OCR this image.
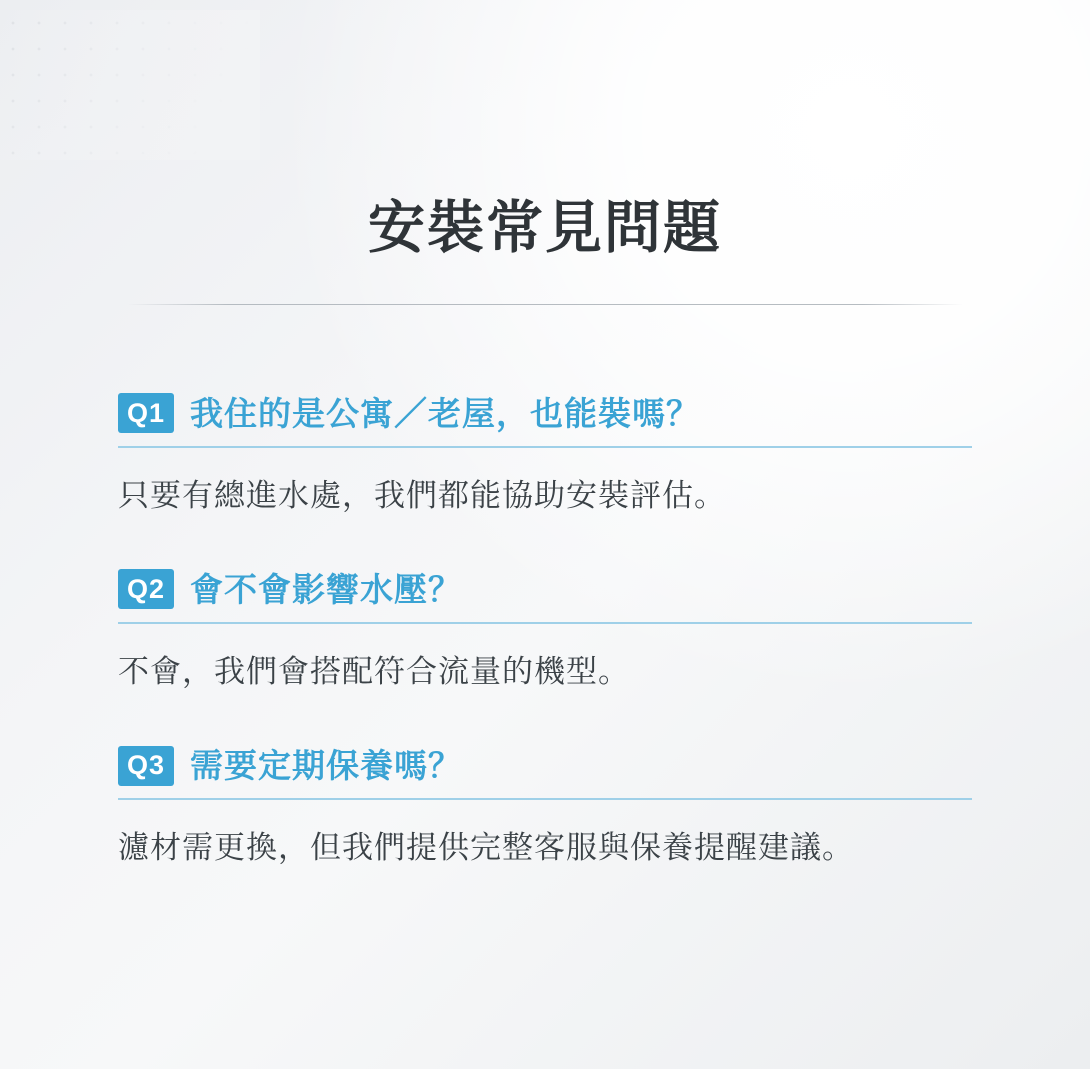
安裝常見問題
Q1 我住的是公寓／老屋，也能裝嗎？
只要有總進水處，我們都能協助安裝評估。
Q2 會不會影響水壓？
不會，我們會搭配符合流量的機型。
Q3 需要定期保養嗎？
濾材需更換，但我們提供完整客服與保養提醒建議。
